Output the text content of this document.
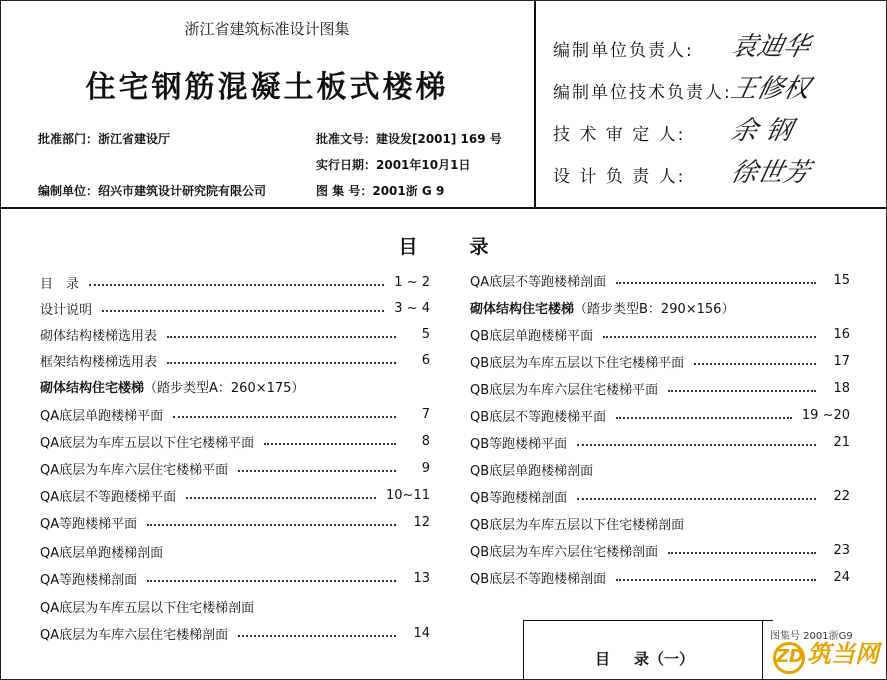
浙江省建筑标准设计图集
住宅钢筋混凝土板式楼梯
批准部门：浙江省建设厅	批准文号：建设发[2001] 169 号
实行日期：2001年10月1日
编制单位：绍兴市建筑设计研究院有限公司	图 集 号：2001浙 G 9
编制单位负责人: 袁迪华
编制单位技术负责人:
王修权
技 术 审 定 人: 余 钢
设 计 负 责 人: 徐世芳
目	录
目　录	1 ~ 2
设计说明	3 ~ 4
砌体结构楼梯选用表	5
框架结构楼梯选用表	6
砌体结构住宅楼梯 （踏步类型A：260×175）
QA底层单跑楼梯平面	7
QA底层为车库五层以下住宅楼梯平面	8
QA底层为车库六层住宅楼梯平面	9
QA底层不等跑楼梯平面	10~11
QA等跑楼梯平面	12
QA底层单跑楼梯剖面
QA等跑楼梯剖面	13
QA底层为车库五层以下住宅楼梯剖面
QA底层为车库六层住宅楼梯剖面	14
QA底层不等跑楼梯剖面	15
砌体结构住宅楼梯 （踏步类型B：290×156）
QB底层单跑楼梯平面	16
QB底层为车库五层以下住宅楼梯平面	17
QB底层为车库六层住宅楼梯平面	18
QB底层不等跑楼梯平面	19 ~20
QB等跑楼梯平面	21
QB底层单跑楼梯剖面
QB等跑楼梯剖面	22
QB底层为车库五层以下住宅楼梯剖面
QB底层为车库六层住宅楼梯剖面	23
QB底层不等跑楼梯剖面	24
目 录（一）
图集号 2001浙G9
ZD 筑当网
